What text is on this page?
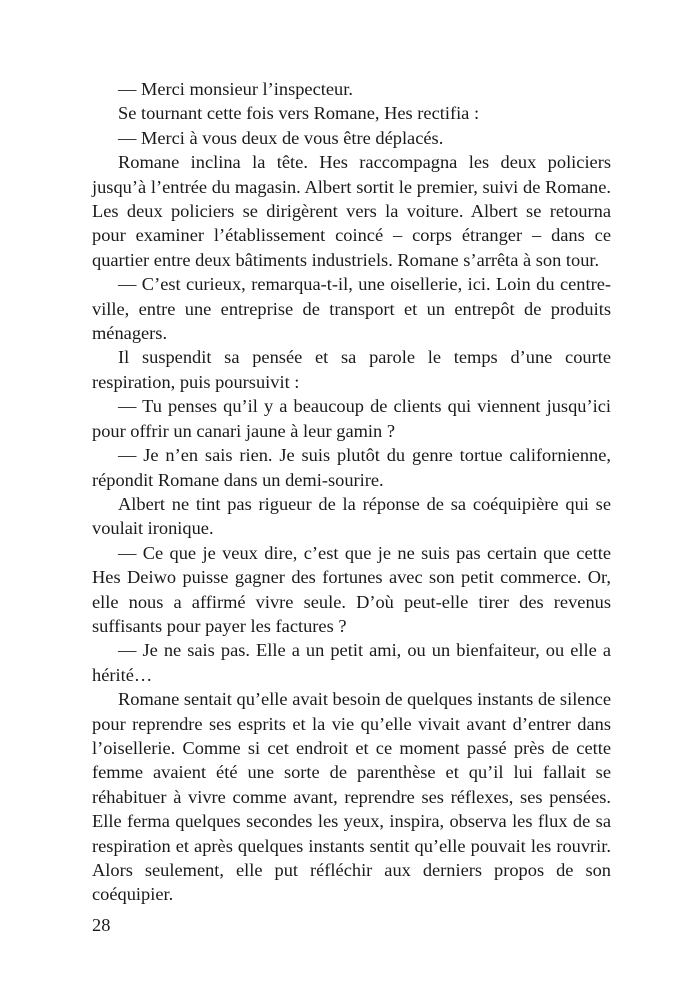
— Merci monsieur l’inspecteur.

Se tournant cette fois vers Romane, Hes rectifia :

— Merci à vous deux de vous être déplacés.

Romane inclina la tête. Hes raccompagna les deux policiers jusqu’à l’entrée du magasin. Albert sortit le premier, suivi de Romane. Les deux policiers se dirigèrent vers la voiture. Albert se retourna pour examiner l’établissement coincé – corps étranger – dans ce quartier entre deux bâtiments industriels. Romane s’arrêta à son tour.

— C’est curieux, remarqua-t-il, une oisellerie, ici. Loin du centre-ville, entre une entreprise de transport et un entrepôt de produits ménagers.

Il suspendit sa pensée et sa parole le temps d’une courte respiration, puis poursuivit :

— Tu penses qu’il y a beaucoup de clients qui viennent jusqu’ici pour offrir un canari jaune à leur gamin ?

— Je n’en sais rien. Je suis plutôt du genre tortue californienne, répondit Romane dans un demi-sourire.

Albert ne tint pas rigueur de la réponse de sa coéquipière qui se voulait ironique.

— Ce que je veux dire, c’est que je ne suis pas certain que cette Hes Deiwo puisse gagner des fortunes avec son petit commerce. Or, elle nous a affirmé vivre seule. D’où peut-elle tirer des revenus suffisants pour payer les factures ?

— Je ne sais pas. Elle a un petit ami, ou un bienfaiteur, ou elle a hérité…

Romane sentait qu’elle avait besoin de quelques instants de silence pour reprendre ses esprits et la vie qu’elle vivait avant d’entrer dans l’oisellerie. Comme si cet endroit et ce moment passé près de cette femme avaient été une sorte de parenthèse et qu’il lui fallait se réhabituer à vivre comme avant, reprendre ses réflexes, ses pensées. Elle ferma quelques secondes les yeux, inspira, observa les flux de sa respiration et après quelques instants sentit qu’elle pouvait les rouvrir. Alors seulement, elle put réfléchir aux derniers propos de son coéquipier.

28
